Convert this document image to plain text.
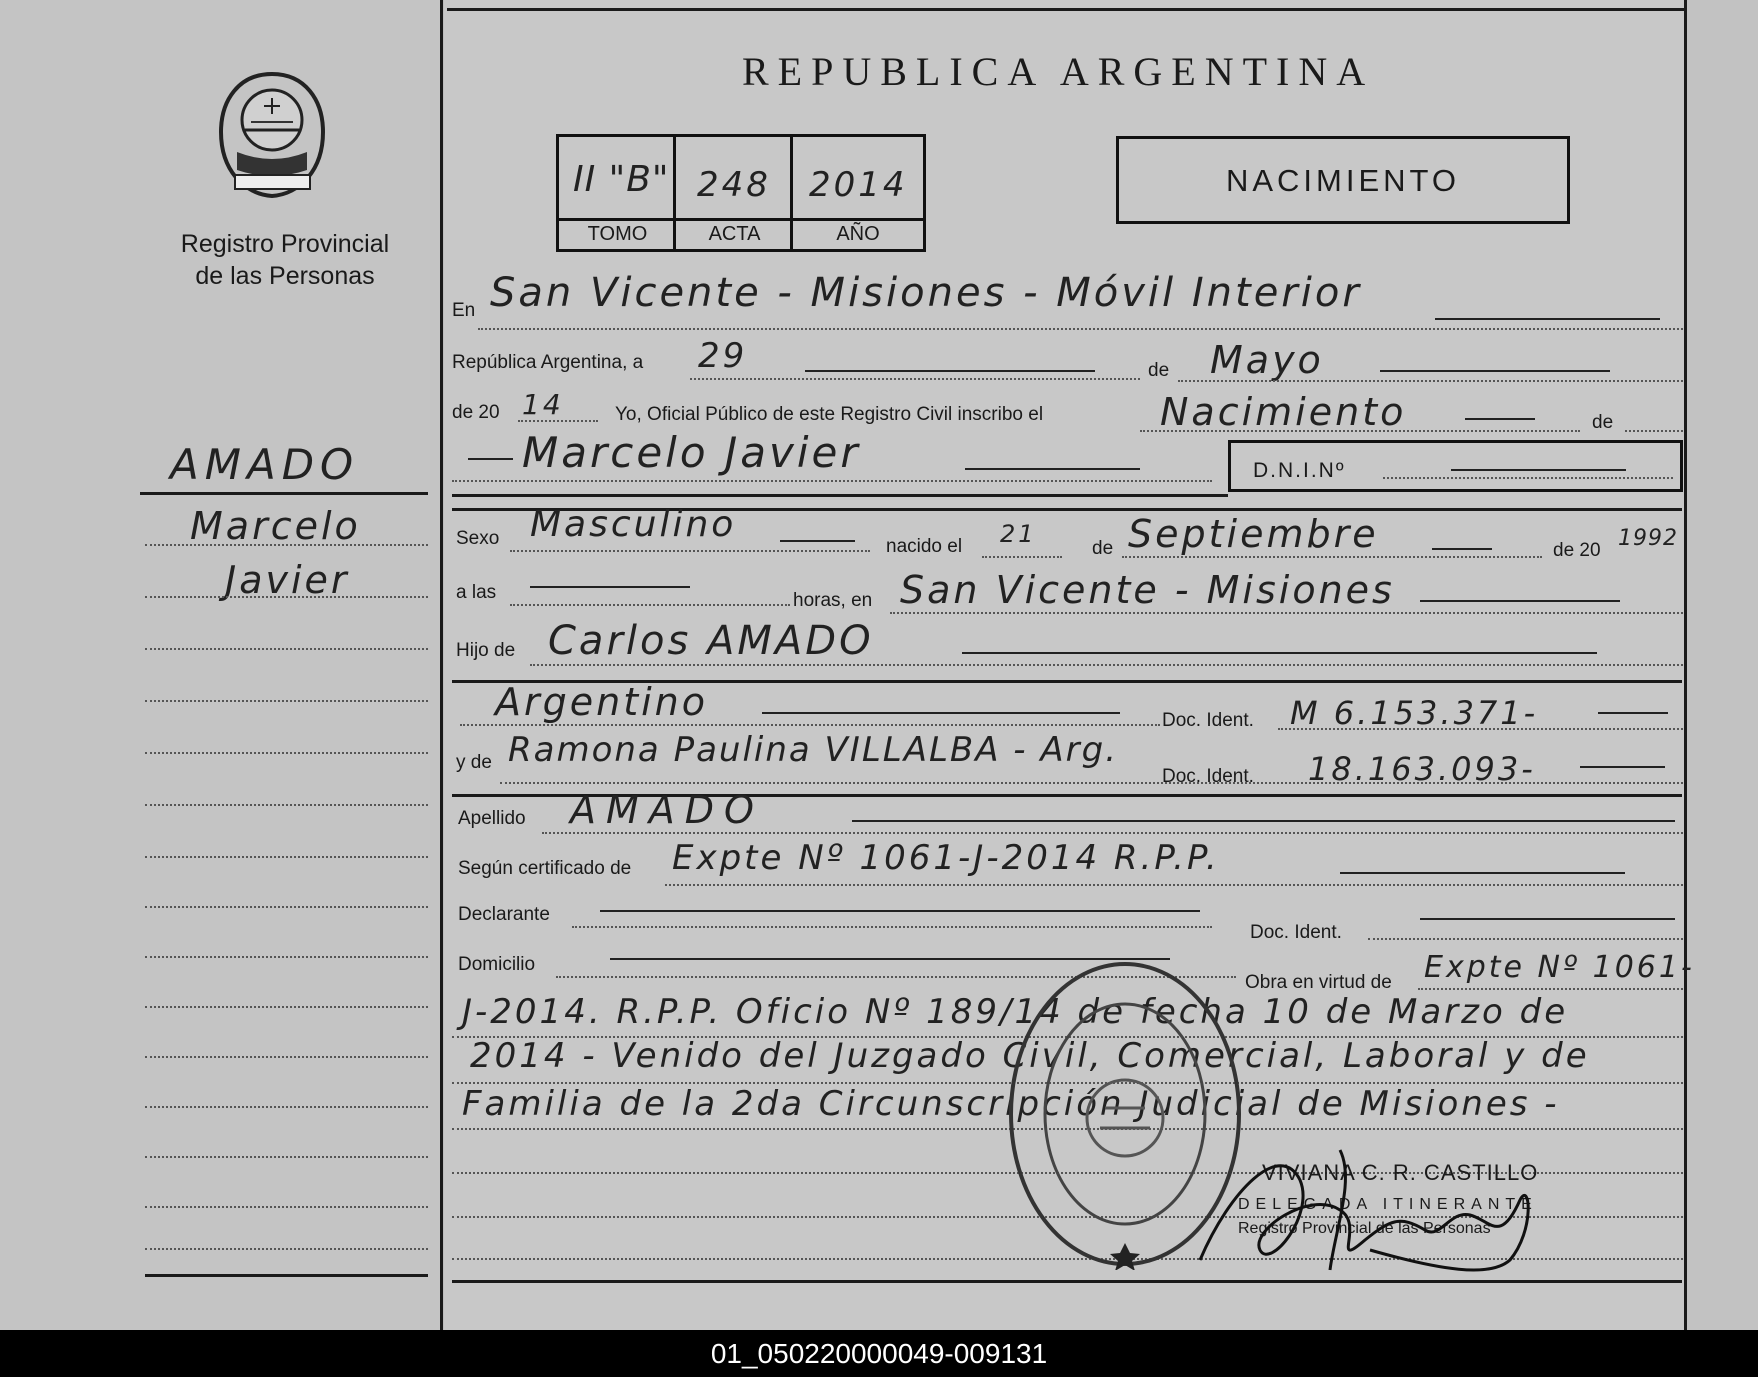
Registro Provincial
de las Personas
AMADO
Marcelo
Javier
REPUBLICA ARGENTINA
II "B" 248 2014
TOMO	ACTA	AÑO
NACIMIENTO
En San Vicente - Misiones - Móvil Interior
República Argentina, a 29	de Mayo
de 20 14	Yo, Oficial Público de este Registro Civil inscribo el	Nacimiento	de
Marcelo Javier	D.N.I.Nº
Sexo Masculino
nacido el 21
de Septiembre	de 20 1992
a las	horas, en San Vicente - Misiones
Hijo de Carlos AMADO
Argentino	Doc. Ident. M 6.153.371-
y de Ramona Paulina VILLALBA - Arg.
Doc. Ident. 18.163.093-
Apellido AMADO
Según certificado de Expte Nº 1061-J-2014 R.P.P.
Declarante
Doc. Ident.
Domicilio
Obra en virtud de Expte Nº 1061-
J-2014. R.P.P. Oficio Nº 189/14 de fecha 10 de Marzo de
2014 - Venido del Juzgado Civil, Comercial, Laboral y de
Familia de la 2da Circunscripción Judicial de Misiones -
VIVIANA C. R. CASTILLO
DELEGADA ITINERANTE
Registro Provincial de las Personas
01_050220000049-009131
